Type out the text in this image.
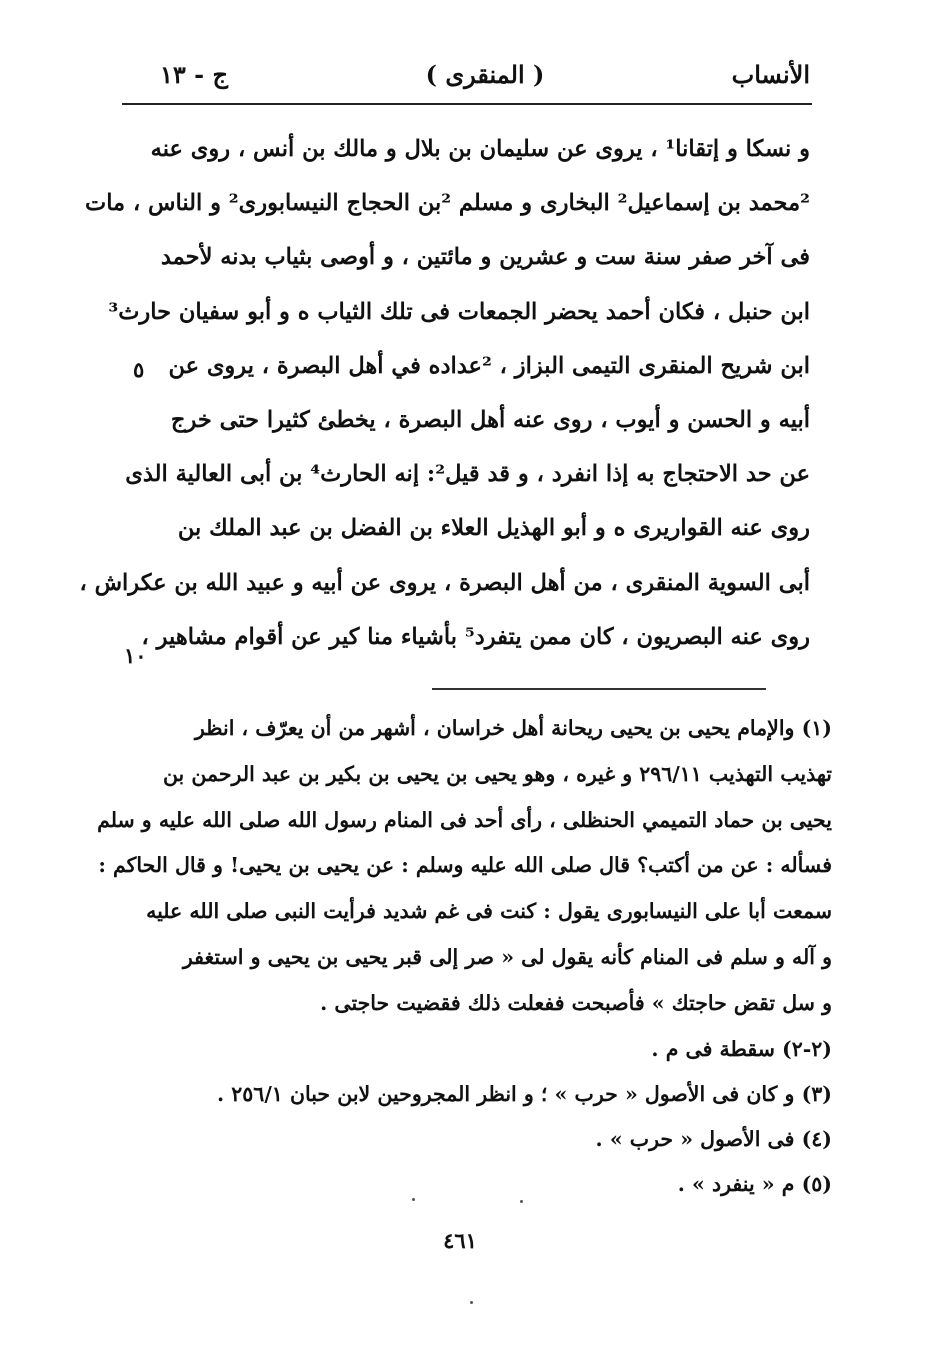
الأنساب
( المنقرى )
ج - ١٣
و نسكا و إتقانا¹ ، يروى عن سليمان بن بلال و مالك بن أنس ، روى عنه
²محمد بن إسماعيل² البخارى و مسلم ²بن الحجاج النيسابورى² و الناس ، مات
فى آخر صفر سنة ست و عشرين و مائتين ، و أوصى بثياب بدنه لأحمد
ابن حنبل ، فكان أحمد يحضر الجمعات فى تلك الثياب ه و أبو سفيان حارث³
ابن شريح المنقرى التيمى البزاز ، ²عداده في أهل البصرة ، يروى عن
أبيه و الحسن و أيوب ، روى عنه أهل البصرة ، يخطئ كثيرا حتى خرج
عن حد الاحتجاج به إذا انفرد ، و قد قيل²: إنه الحارث⁴ بن أبى العالية الذى
روى عنه القواريرى ه و أبو الهذيل العلاء بن الفضل بن عبد الملك بن
أبى السوية المنقرى ، من أهل البصرة ، يروى عن أبيه و عبيد الله بن عكراش ،
روى عنه البصريون ، كان ممن يتفرد⁵ بأشياء منا كير عن أقوام مشاهير ،
٥
١٠
(١) والإمام يحيى بن يحيى ريحانة أهل خراسان ، أشهر من أن يعرّف ، انظر
تهذيب التهذيب ٢٩٦/١١ و غيره ، وهو يحيى بن يحيى بن بكير بن عبد الرحمن بن
يحيى بن حماد التميمي الحنظلى ، رأى أحد فى المنام رسول الله صلى الله عليه و سلم
فسأله : عن من أكتب؟ قال صلى الله عليه وسلم : عن يحيى بن يحيى! و قال الحاكم :
سمعت أبا على النيسابورى يقول : كنت فى غم شديد فرأيت النبى صلى الله عليه
و آله و سلم فى المنام كأنه يقول لى « صر إلى قبر يحيى بن يحيى و استغفر
و سل تقض حاجتك » فأصبحت ففعلت ذلك فقضيت حاجتى .
(٢-٢) سقطة فى م .
(٣) و كان فى الأصول « حرب » ؛ و انظر المجروحين لابن حبان ٢٥٦/١ .
(٤) فى الأصول « حرب » .
(٥) م « ينفرد » .
٤٦١
